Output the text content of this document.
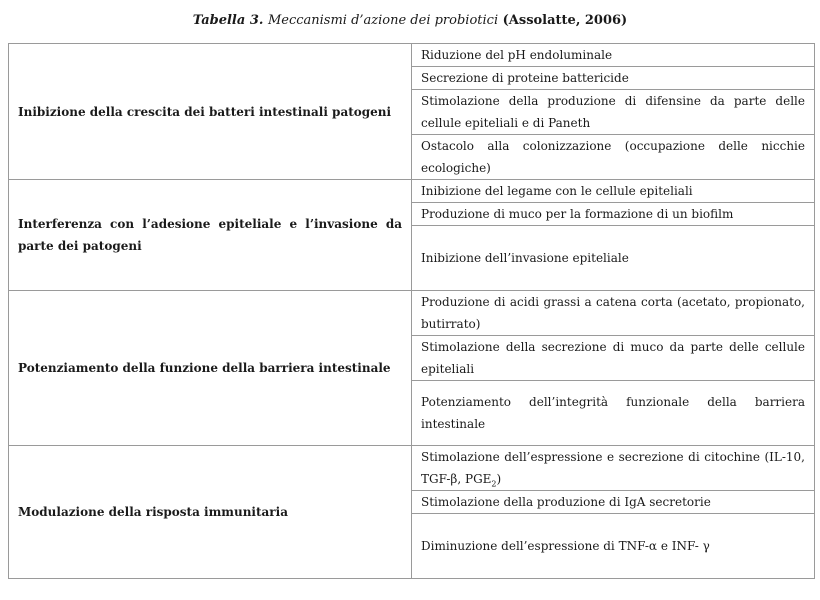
Tabella 3. Meccanismi d’azione dei probiotici (Assolatte, 2006)
Inibizione della crescita dei batteri intestinali patogeni	Riduzione del pH endoluminale
	Secrezione di proteine battericide
	Stimolazione della produzione di difensine da parte delle cellule epiteliali e di Paneth
	Ostacolo alla colonizzazione (occupazione delle nicchie ecologiche)
Interferenza con l’adesione epiteliale e l’invasione da parte dei patogeni	Inibizione del legame con le cellule epiteliali
	Produzione di muco per la formazione di un biofilm
	Inibizione dell’invasione epiteliale
Potenziamento della funzione della barriera intestinale	Produzione di acidi grassi a catena corta (acetato, propionato, butirrato)
	Stimolazione della secrezione di muco da parte delle cellule epiteliali
	Potenziamento dell’integrità funzionale della barriera intestinale
Modulazione della risposta immunitaria	Stimolazione dell’espressione e secrezione di citochine (IL-10, TGF-β, $PGE_2$)
	Stimolazione della produzione di IgA secretorie
	Diminuzione dell’espressione di TNF-α e INF- γ
